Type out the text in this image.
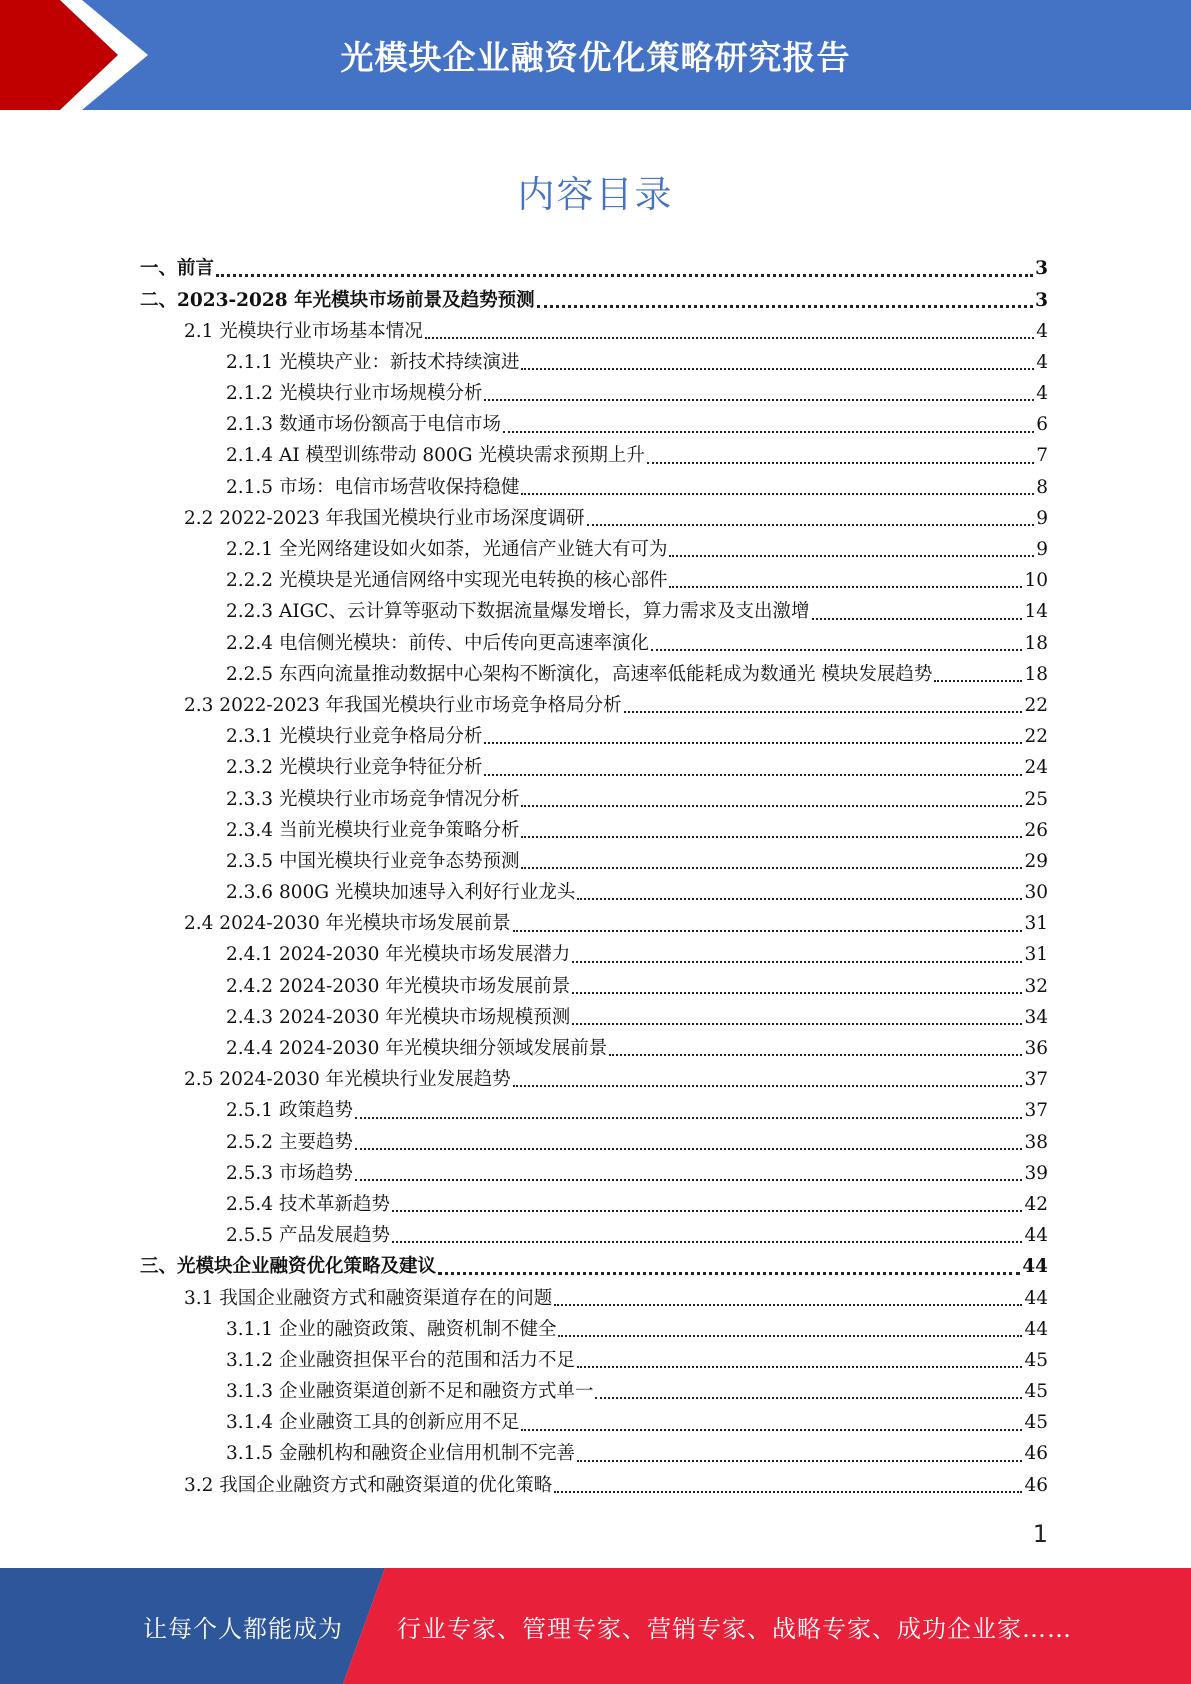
光模块企业融资优化策略研究报告
内容目录
一、前言	3
二、2023-2028 年光模块市场前景及趋势预测	3
2.1 光模块行业市场基本情况	4
2.1.1 光模块产业：新技术持续演进	4
2.1.2 光模块行业市场规模分析	4
2.1.3 数通市场份额高于电信市场	6
2.1.4 AI 模型训练带动 800G 光模块需求预期上升	7
2.1.5 市场：电信市场营收保持稳健	8
2.2 2022-2023 年我国光模块行业市场深度调研	9
2.2.1 全光网络建设如火如荼，光通信产业链大有可为	9
2.2.2 光模块是光通信网络中实现光电转换的核心部件	10
2.2.3 AIGC、云计算等驱动下数据流量爆发增长，算力需求及支出激增	14
2.2.4 电信侧光模块：前传、中后传向更高速率演化	18
2.2.5 东西向流量推动数据中心架构不断演化，高速率低能耗成为数通光 模块发展趋势	18
2.3 2022-2023 年我国光模块行业市场竞争格局分析	22
2.3.1 光模块行业竞争格局分析	22
2.3.2 光模块行业竞争特征分析	24
2.3.3 光模块行业市场竞争情况分析	25
2.3.4 当前光模块行业竞争策略分析	26
2.3.5 中国光模块行业竞争态势预测	29
2.3.6 800G 光模块加速导入利好行业龙头	30
2.4 2024-2030 年光模块市场发展前景	31
2.4.1 2024-2030 年光模块市场发展潜力	31
2.4.2 2024-2030 年光模块市场发展前景	32
2.4.3 2024-2030 年光模块市场规模预测	34
2.4.4 2024-2030 年光模块细分领域发展前景	36
2.5 2024-2030 年光模块行业发展趋势	37
2.5.1 政策趋势	37
2.5.2 主要趋势	38
2.5.3 市场趋势	39
2.5.4 技术革新趋势	42
2.5.5 产品发展趋势	44
三、光模块企业融资优化策略及建议	44
3.1 我国企业融资方式和融资渠道存在的问题	44
3.1.1 企业的融资政策、融资机制不健全	44
3.1.2 企业融资担保平台的范围和活力不足	45
3.1.3 企业融资渠道创新不足和融资方式单一	45
3.1.4 企业融资工具的创新应用不足	45
3.1.5 金融机构和融资企业信用机制不完善	46
3.2 我国企业融资方式和融资渠道的优化策略	46
1
让每个人都能成为 行业专家、管理专家、营销专家、战略专家、成功企业家……
